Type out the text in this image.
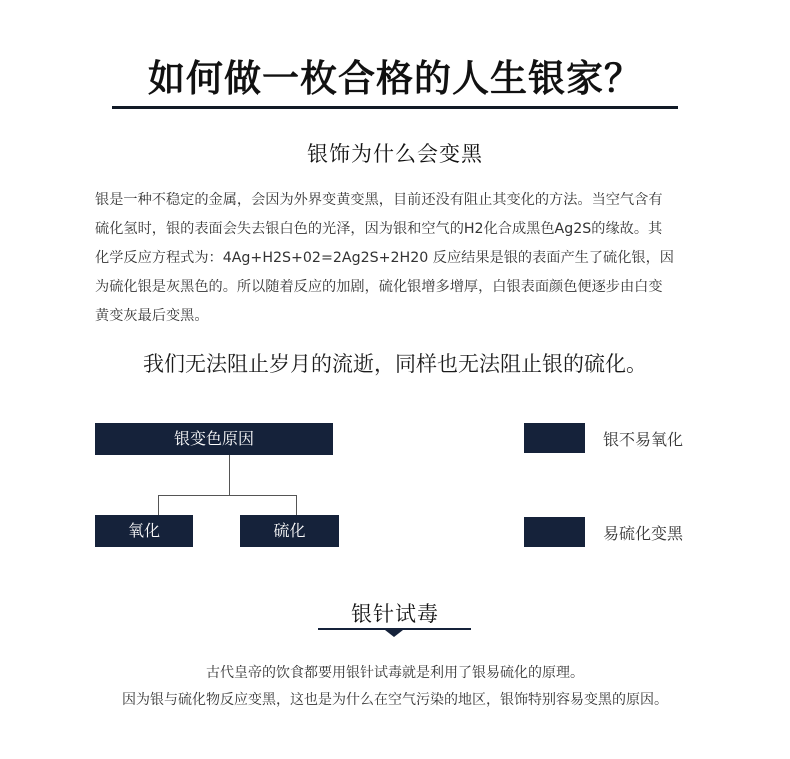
如何做一枚合格的人生银家？
银饰为什么会变黑
银是一种不稳定的金属，会因为外界变黄变黑，目前还没有阻止其变化的方法。当空气含有
硫化氢时，银的表面会失去银白色的光泽，因为银和空气的H2化合成黑色Ag2S的缘故。其
化学反应方程式为：4Ag+H2S+02=2Ag2S+2H20 反应结果是银的表面产生了硫化银，因
为硫化银是灰黑色的。所以随着反应的加剧，硫化银增多增厚，白银表面颜色便逐步由白变
黄变灰最后变黑。
我们无法阻止岁月的流逝，同样也无法阻止银的硫化。
银变色原因
氧化	硫化
银不易氧化
易硫化变黑
银针试毒
古代皇帝的饮食都要用银针试毒就是利用了银易硫化的原理。
因为银与硫化物反应变黑，这也是为什么在空气污染的地区，银饰特别容易变黑的原因。
